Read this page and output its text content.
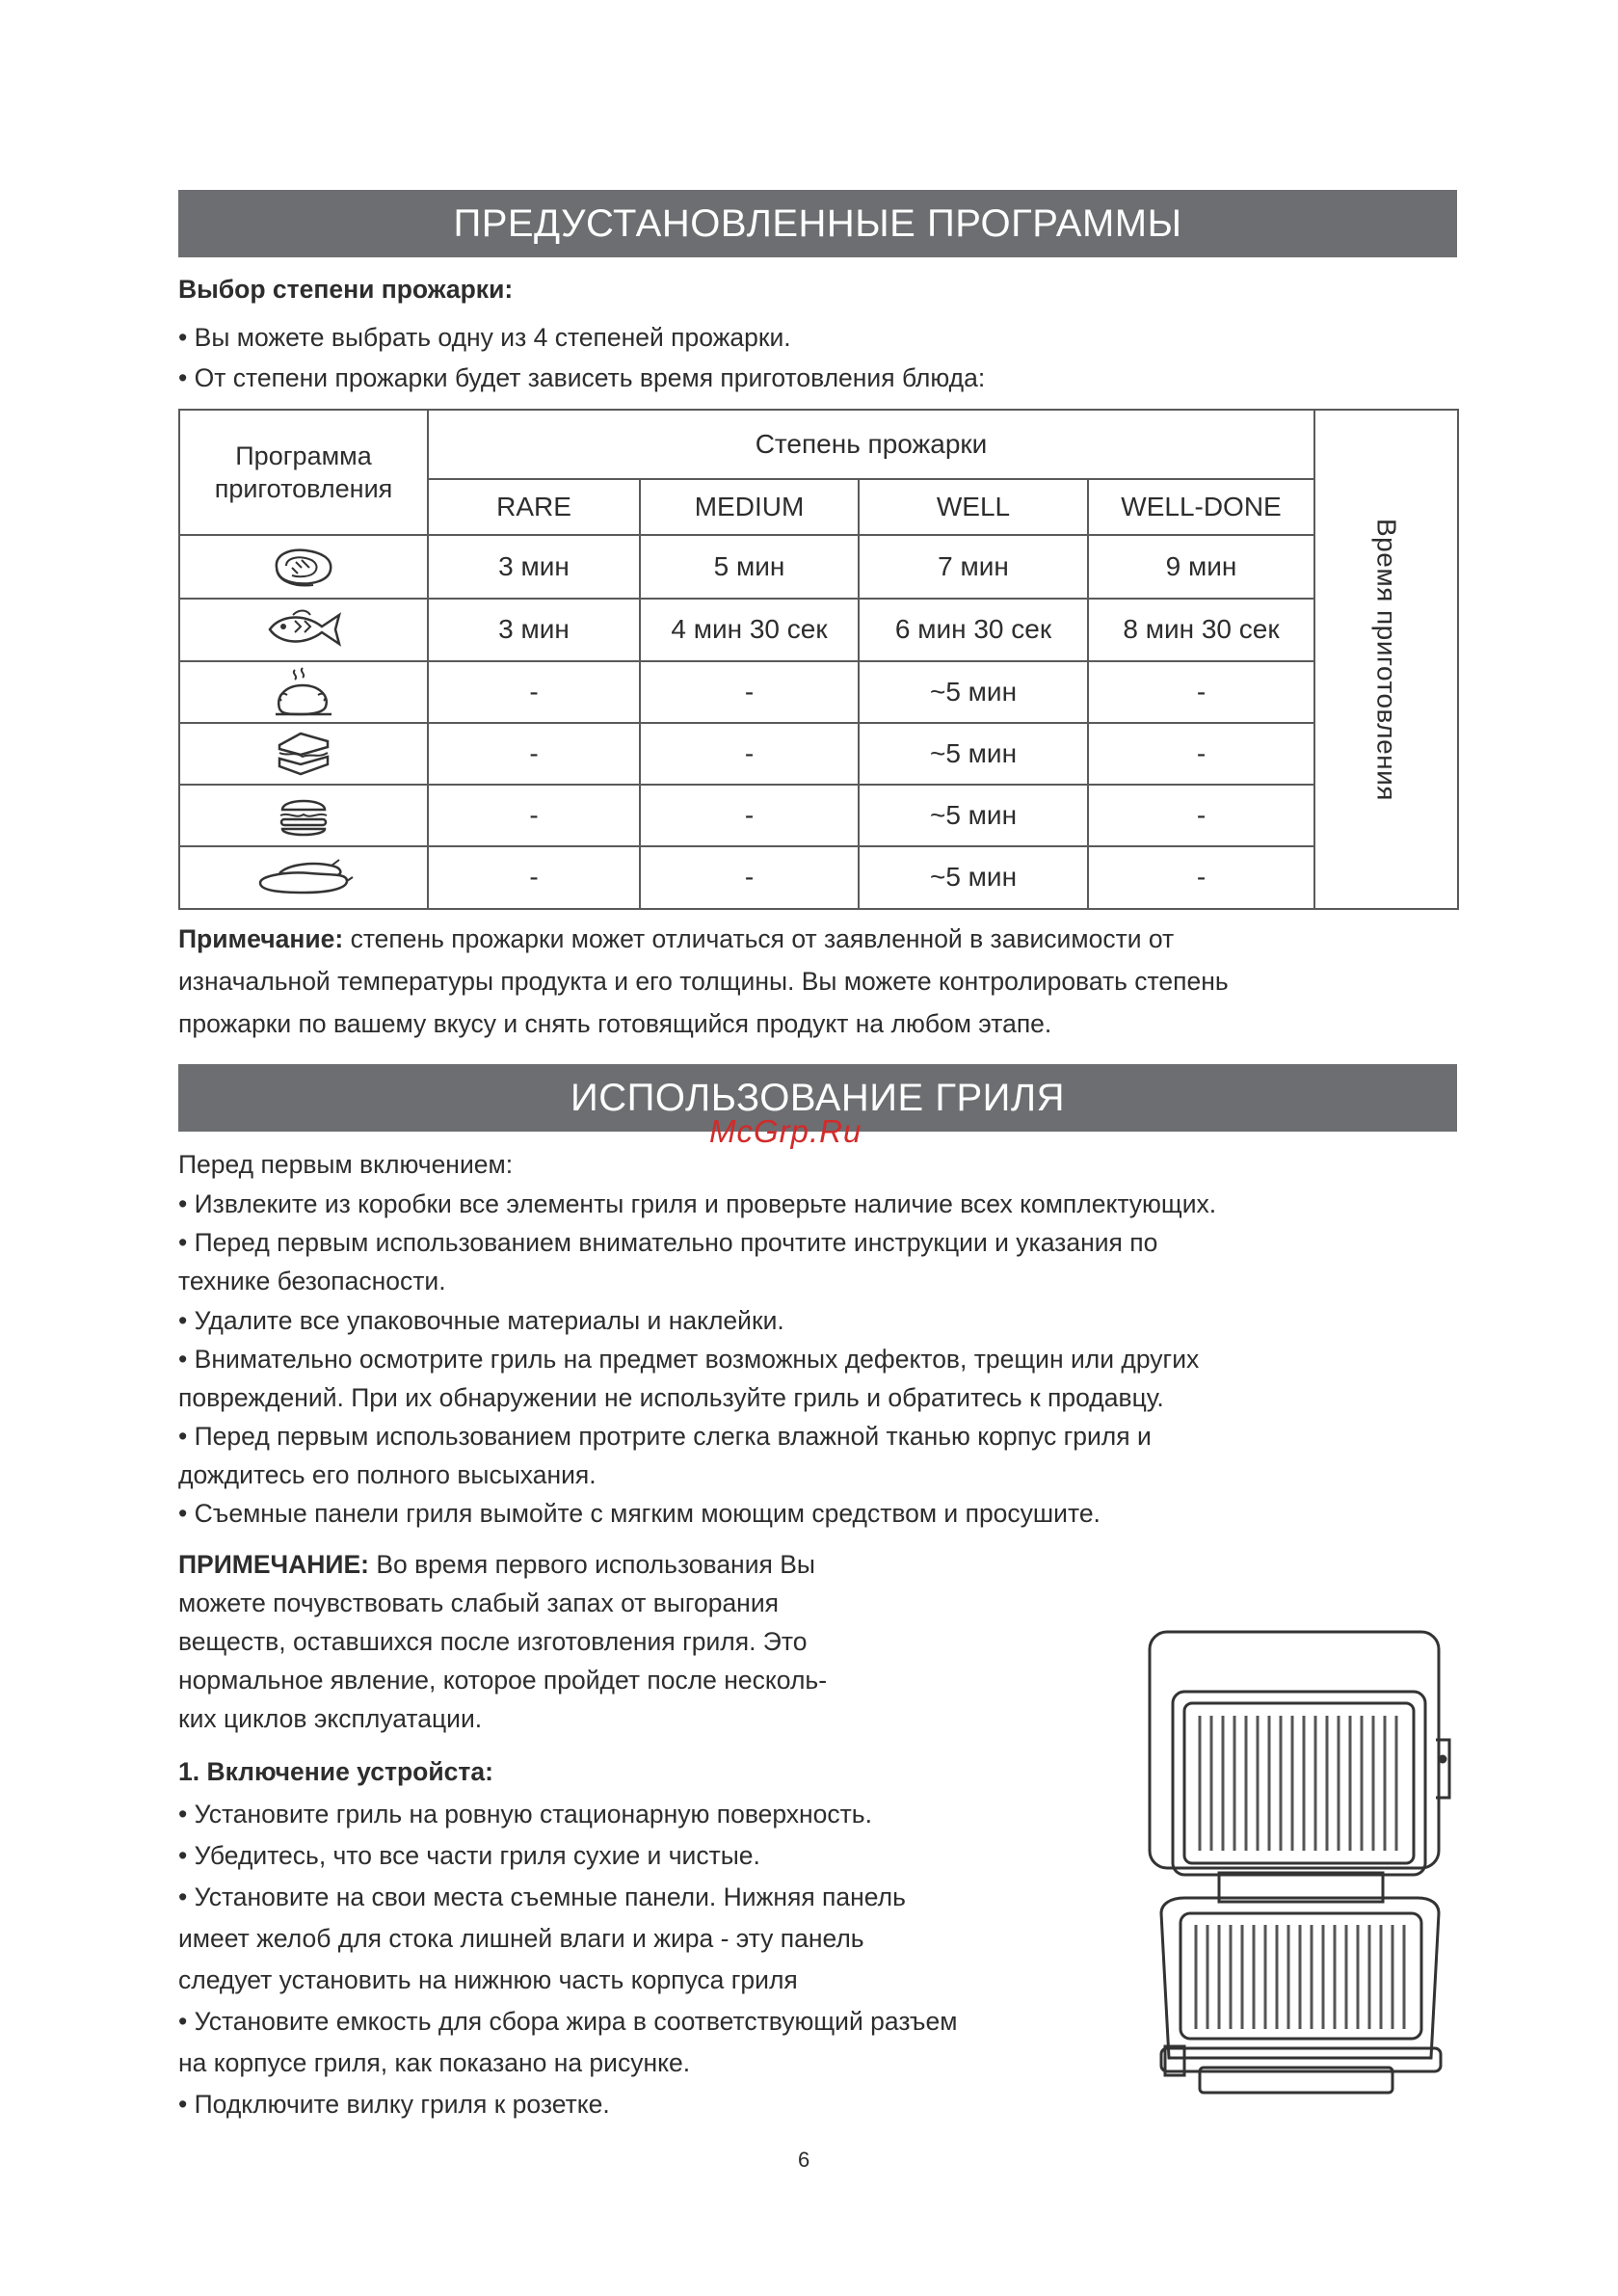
ПРЕДУСТАНОВЛЕННЫЕ ПРОГРАММЫ
Выбор степени прожарки:
• Вы можете выбрать одну из 4 степеней прожарки.
• От степени прожарки будет зависеть время приготовления блюда:
Программа приготовления	Степень прожарки				Время приготовления

	RARE	MEDIUM	WELL	WELL-DONE	

	3 мин	5 мин	7 мин	9 мин	

	3 мин	4 мин 30 сек	6 мин 30 сек	8 мин 30 сек	

	-	-	~5 мин	-	

	-	-	~5 мин	-	

	-	-	~5 мин	-	

	-	-	~5 мин	-	
Примечание: степень прожарки может отличаться от заявленной в зависимости от
изначальной температуры продукта и его толщины. Вы можете контролировать степень
прожарки по вашему вкусу и снять готовящийся продукт на любом этапе.
ИСПОЛЬЗОВАНИЕ ГРИЛЯ
McGrp.Ru
Перед первым включением:
• Извлеките из коробки все элементы гриля и проверьте наличие всех комплектующих.
• Перед первым использованием внимательно прочтите инструкции и указания по
технике безопасности.
• Удалите все упаковочные материалы и наклейки.
• Внимательно осмотрите гриль на предмет возможных дефектов, трещин или других
повреждений. При их обнаружении не используйте гриль и обратитесь к продавцу.
• Перед первым использованием протрите слегка влажной тканью корпус гриля и
дождитесь его полного высыхания.
• Съемные панели гриля вымойте с мягким моющим средством и просушите.
ПРИМЕЧАНИЕ: Во время первого использования Вы
можете почувствовать слабый запах от выгорания
веществ, оставшихся после изготовления гриля. Это
нормальное явление, которое пройдет после несколь-
ких циклов эксплуатации.
1. Включение устройста:
• Установите гриль на ровную стационарную поверхность.
• Убедитесь, что все части гриля сухие и чистые.
• Установите на свои места съемные панели. Нижняя панель
имеет желоб для стока лишней влаги и жира - эту панель
следует установить на нижнюю часть корпуса гриля
• Установите емкость для сбора жира в соответствующий разъем
на корпусе гриля, как показано на рисунке.
• Подключите вилку гриля к розетке.
6
